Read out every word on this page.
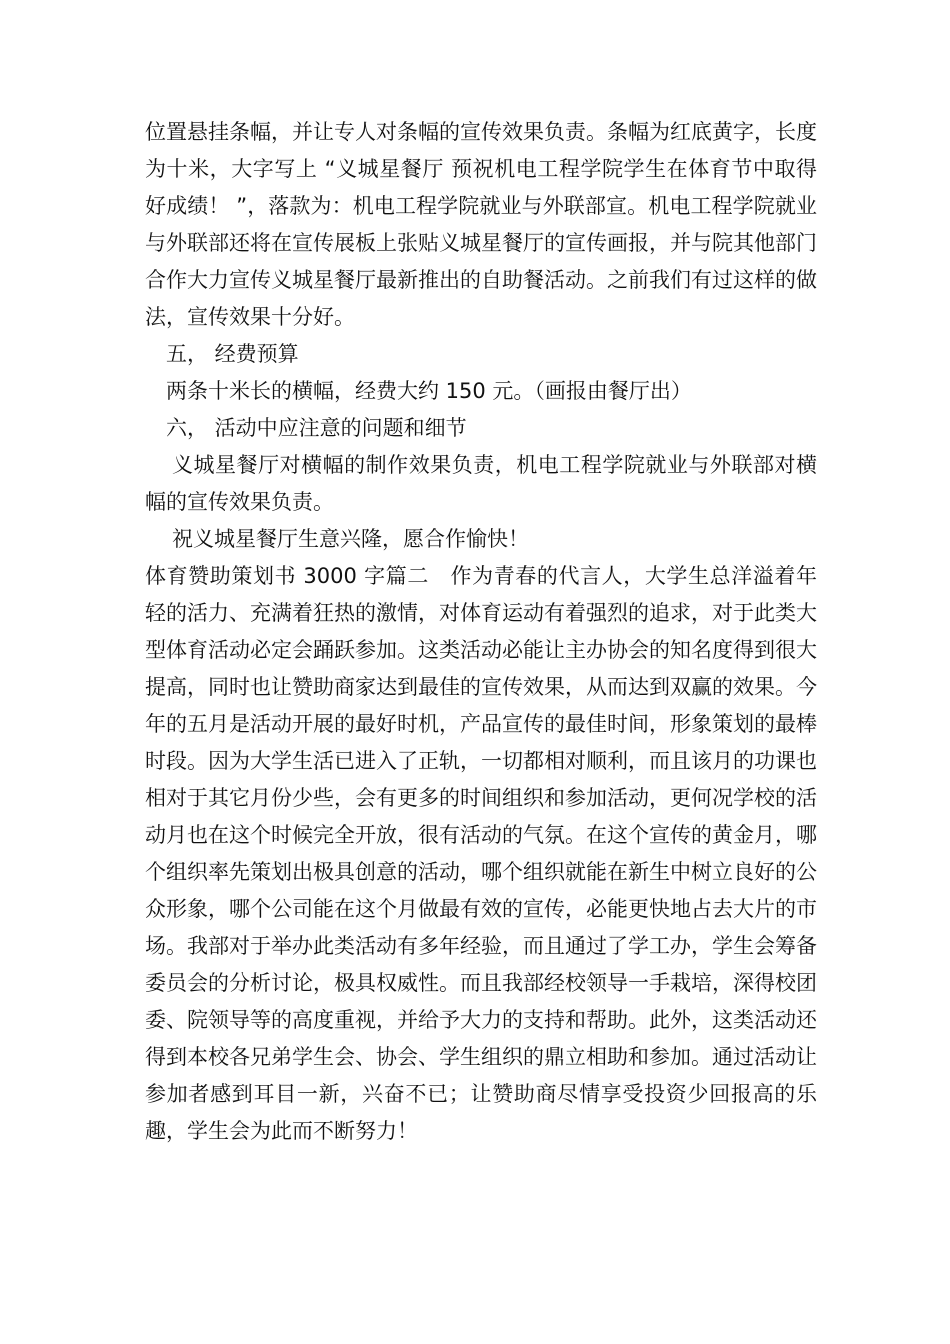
位置悬挂条幅，并让专人对条幅的宣传效果负责。条幅为红底黄字，长度为十米，大字写上 “义城星餐厅 预祝机电工程学院学生在体育节中取得好成绩！ ”，落款为：机电工程学院就业与外联部宣。机电工程学院就业与外联部还将在宣传展板上张贴义城星餐厅的宣传画报，并与院其他部门合作大力宣传义城星餐厅最新推出的自助餐活动。之前我们有过这样的做法，宣传效果十分好。

五， 经费预算

两条十米长的横幅，经费大约 150 元。（画报由餐厅出）

六， 活动中应注意的问题和细节

义城星餐厅对横幅的制作效果负责，机电工程学院就业与外联部对横幅的宣传效果负责。

祝义城星餐厅生意兴隆，愿合作愉快！

体育赞助策划书 3000 字篇二　作为青春的代言人，大学生总洋溢着年轻的活力、充满着狂热的激情，对体育运动有着强烈的追求，对于此类大型体育活动必定会踊跃参加。这类活动必能让主办协会的知名度得到很大提高，同时也让赞助商家达到最佳的宣传效果，从而达到双赢的效果。今年的五月是活动开展的最好时机，产品宣传的最佳时间，形象策划的最棒时段。因为大学生活已进入了正轨，一切都相对顺利，而且该月的功课也相对于其它月份少些，会有更多的时间组织和参加活动，更何况学校的活动月也在这个时候完全开放，很有活动的气氛。在这个宣传的黄金月，哪个组织率先策划出极具创意的活动，哪个组织就能在新生中树立良好的公众形象，哪个公司能在这个月做最有效的宣传，必能更快地占去大片的市场。我部对于举办此类活动有多年经验，而且通过了学工办，学生会筹备委员会的分析讨论，极具权威性。而且我部经校领导一手栽培，深得校团委、院领导等的高度重视，并给予大力的支持和帮助。此外，这类活动还得到本校各兄弟学生会、协会、学生组织的鼎立相助和参加。通过活动让参加者感到耳目一新，兴奋不已；让赞助商尽情享受投资少回报高的乐趣，学生会为此而不断努力！
